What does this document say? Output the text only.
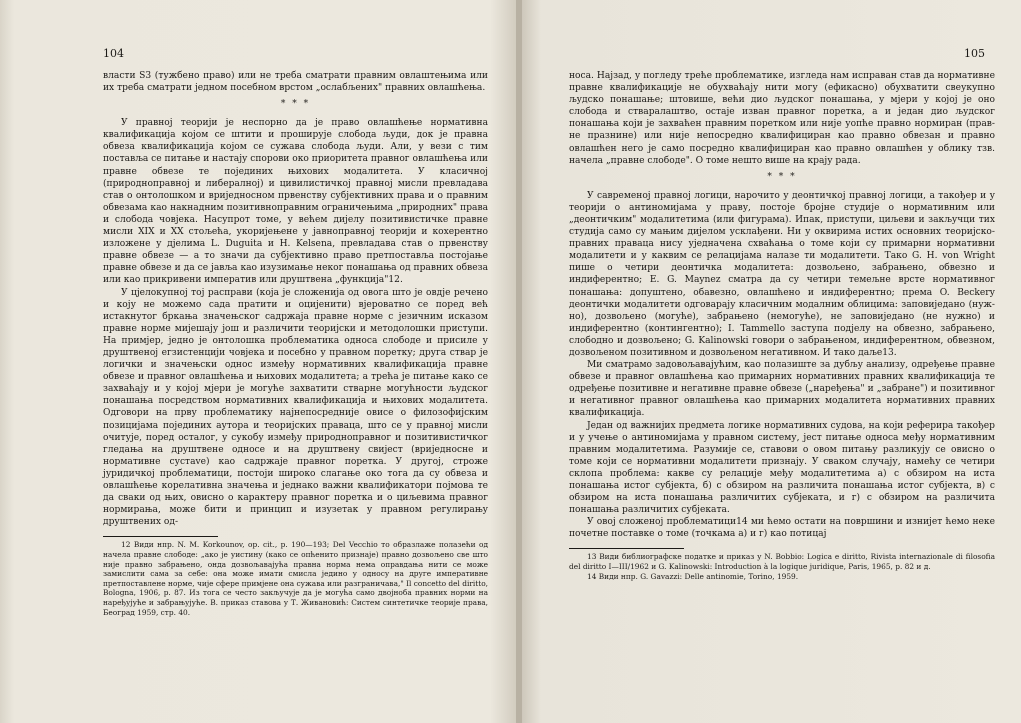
104

власти S3 (тужбено право) или не треба сматрати правним овлаштењима или их треба сматрати једном посебном врстом „ослабљених" правних овлашћења.

* * *

У правној теорији је неспорно да је право овлашћење нормативна квалификација којом се штити и проширује слобода људи, док је правна обвеза квалификација којом се сужава слобода људи. Али, у вези с тим поставља се питање и настају спорови око приоритета правног овлашћења или правне обвезе те појединих њихових модалитета. У класичној (природноправној и либералној) и цивилистичкој правној мисли превладава став о онтолошком и вриједносном првенству субјективних права и о правним обвезама као накнадним позитивноправним ограничењима „природних" права и слобода човјека. Насупрот томе, у већем дијелу позитивистичке правне мисли XIX и XX стољећа, укоријењене у јавноправној теорији и кохерентно изложене у дјелима L. Duguita и H. Kelsena, превладава став о првенству правне обвезе — а то значи да субјективно право претпоставља постојање правне обвезе и да се јавља као изузимање неког понашања од правних обвеза или као прикривени императив или друштвена „функција"12.

У цјелокупној тој расправи (која је сложенија од овога што је овдје речено и коју не можемо сада пратити и оцијенити) вјероватно се поред већ истакнутог бркања значењског садржаја правне норме с језичним исказом правне норме мијешају још и различити теоријски и методолошки приступи. На примјер, једно је онтолошка проблематика односа слободе и присиле у друштвеној егзистенцији човјека и посебно у правном поретку; друга ствар је логички и значењски однос између нормативних квалификација правне обвезе и правног овлашћења и њихових модалитета; а трећа је питање како се захваћају и у којој мјери је могуће захватити стварне могућности људског понашања посредством нормативних квалификација и њихових модалитета. Одговори на прву проблематику најнепосредније овисе о филозофијским позицијама појединих аутора и теоријских праваца, што се у правној мисли очитује, поред осталог, у сукобу између природноправног и позитивистичког гледања на друштвене односе и на друштвену свијест (вриједносне и нормативне сустаve) као садржаје правног поретка. У другој, строже јуридичкој проблематици, постоји широко слагање око тога да су обвеза и овлашћење корелативна значења и једнако важни квалификатори појмова те да сваки од њих, овисно о карактеру правног поретка и о циљевима правног нормирања, може бити и принцип и изузетак у правном регулирању друштвених од-

12 Види нпр. N. M. Korkounov, op. cit., p. 190—193; Del Vecchio то образлаже полазећи од начела правне слободе: „ако је уистину (како се опћенито признаје) правно дозвољено све што није правно забрањено, онда дозвољавајућа правна норма нема оправдања нити се може замислити сама за себе: она може имати смисла једино у односу на друге императивне претпоставлене норме, чије сфере примјене она сужава или разграничава," Il concetto del diritto, Bologna, 1906, p. 87. Из тога се често закључује да је могућа само двојнoба правних норми на наређујуће и забрањујуће. В. приказ ставова у Т. Живановић: Систем синтетичке теорије права, Београд 1959, стр. 40.

105

носа. Најзад, у погледу треће проблематике, изгледа нам исправан став да нормативне правне квалификације не обухваћају нити могу (ефикасно) обухватити свеукупно људско понашање; штовише, већи дио људског понашања, у мјери у којој је оно слобода и стваралаштво, остаје изван правног поретка, а и један дио људског понашања који је захваћен правним поретком или није уопће правно нормиран (правне празнине) или није непосредно квалифициран као правно обвезан и правно овлашћен него је само посредно квалифициран као правно овлашћен у облику тзв. начела „правне слободе". О томе нешто више на крају рада.

* * *

У савременој правној логици, нарочито у деонтичкој правној логици, а такођер и у теорији о антиномијама у праву, постоје бројне студије о нормативним или „деонтичким" модалитетима (или фигурама). Ипак, приступи, циљеви и закључци тих студија само су мањим дијелом усклађени. Ни у оквирима истих основних теоријскоправних праваца нису уједначена схваћања о томе који су примарни нормативни модалитети и у каквим се релацијама налазе ти модалитети. Тако G. H. von Wright пише о четири деонтичка модалитета: дозвољено, забрањено, обвезно и индиферентно; E. G. Maynez сматра да су четири темељне врсте нормативног понашања: допуштено, обавезно, овлашћено и индиферентно; према O. Beckerу деонтички модалитети одговарају класичним модалним облицима: заповиједано (нужно), дозвољено (могуће), забрањено (немогуће), не заповиједано (не нужно) и индиферентно (контингентно); I. Tammello заступа подјелу на обвезно, забрањено, слободно и дозвољено; G. Kalinowski говори о забрањеном, индиферентном, обвезном, дозвољеном позитивном и дозвољеном негативном. И тако даље13.

Ми сматрамо задовољавајућим, као полазиште за дубљу анализу, одређење правне обвезе и правног овлашћења као примарних нормативних правних квалификација те одређење позитивне и негативне правне обвезе („наређења" и „забране") и позитивног и негативног правног овлашћења као примарних модалитета нормативних правних квалификација.

Један од важнијих предмета логике нормативних судова, на који реферира такођер и у учење о антиномијама у правном систему, јест питање односа међу нормативним правним модалитетима. Разумије се, ставови о овом питању разликују се овисно о томе који се нормативни модалитети признају. У сваком случају, намећу се четири склопа проблема: какве су релације међу модалитетима а) с обзиром на иста понашања истог субјекта, б) с обзиром на различита понашања истог субјекта, в) с обзиром на иста понашања различитих субјеката, и г) с обзиром на различита понашања различитих субјеката.

У овој сложеној проблематици14 ми ћемо остати на површини и изнијет ћемо неке почетне поставке о томе (точкама а) и г) као потицај

13 Види библиографске податке и приказ у N. Bobbio: Logica e diritto, Rivista internazionale di filosofia del diritto I—III/1962 и G. Kalinowski: Introduction à la logique juridique, Paris, 1965, p. 82 и д.

14 Види нпр. G. Gavazzi: Delle antinomie, Torino, 1959.
